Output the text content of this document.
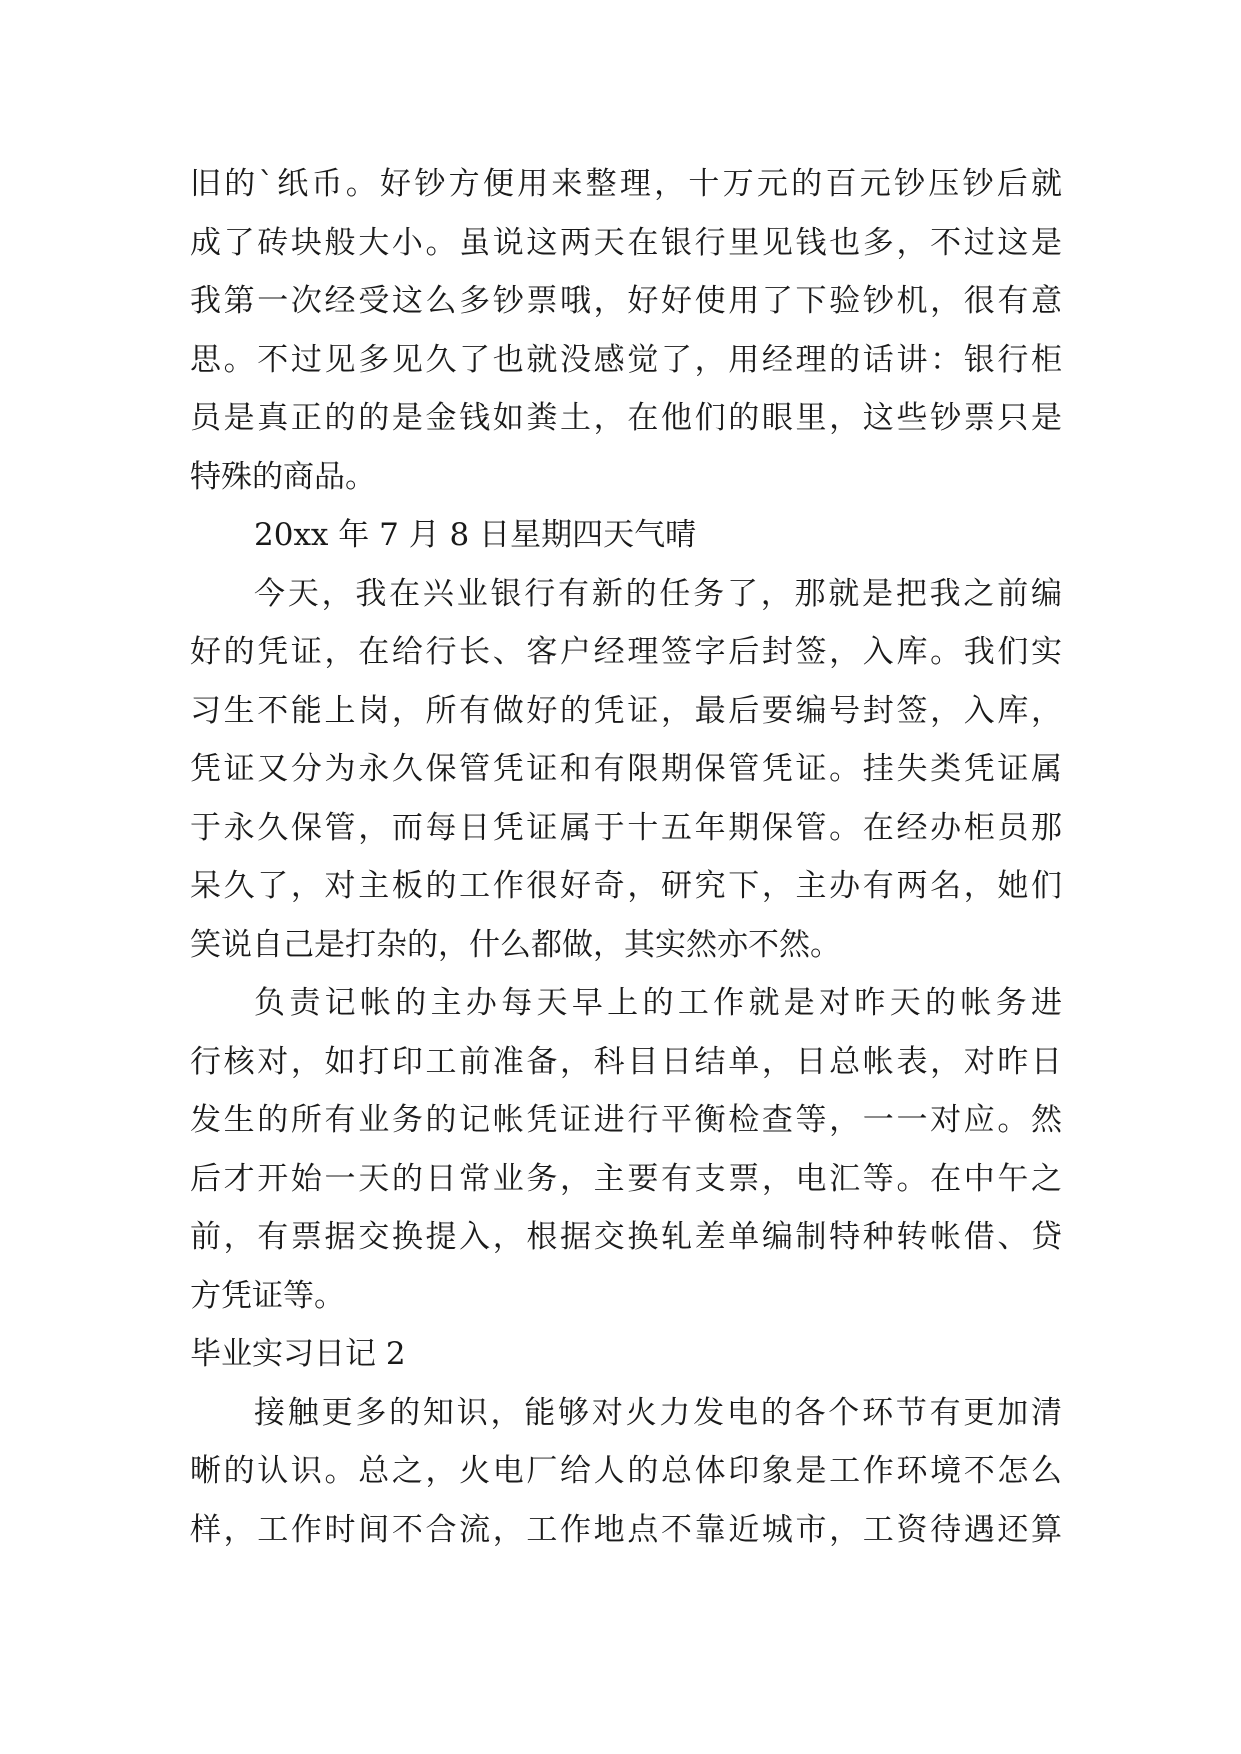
旧的`纸币。好钞方便用来整理，十万元的百元钞压钞后就
成了砖块般大小。虽说这两天在银行里见钱也多，不过这是
我第一次经受这么多钞票哦，好好使用了下验钞机，很有意
思。不过见多见久了也就没感觉了，用经理的话讲：银行柜
员是真正的的是金钱如粪土，在他们的眼里，这些钞票只是
特殊的商品。
20xx 年 7 月 8 日星期四天气晴
今天，我在兴业银行有新的任务了，那就是把我之前编
好的凭证，在给行长、客户经理签字后封签，入库。我们实
习生不能上岗，所有做好的凭证，最后要编号封签，入库，
凭证又分为永久保管凭证和有限期保管凭证。挂失类凭证属
于永久保管，而每日凭证属于十五年期保管。在经办柜员那
呆久了，对主板的工作很好奇，研究下，主办有两名，她们
笑说自己是打杂的，什么都做，其实然亦不然。
负责记帐的主办每天早上的工作就是对昨天的帐务进
行核对，如打印工前准备，科目日结单，日总帐表，对昨日
发生的所有业务的记帐凭证进行平衡检查等，一一对应。然
后才开始一天的日常业务，主要有支票，电汇等。在中午之
前，有票据交换提入，根据交换轧差单编制特种转帐借、贷
方凭证等。
毕业实习日记 2
接触更多的知识，能够对火力发电的各个环节有更加清
晰的认识。总之，火电厂给人的总体印象是工作环境不怎么
样，工作时间不合流，工作地点不靠近城市，工资待遇还算
